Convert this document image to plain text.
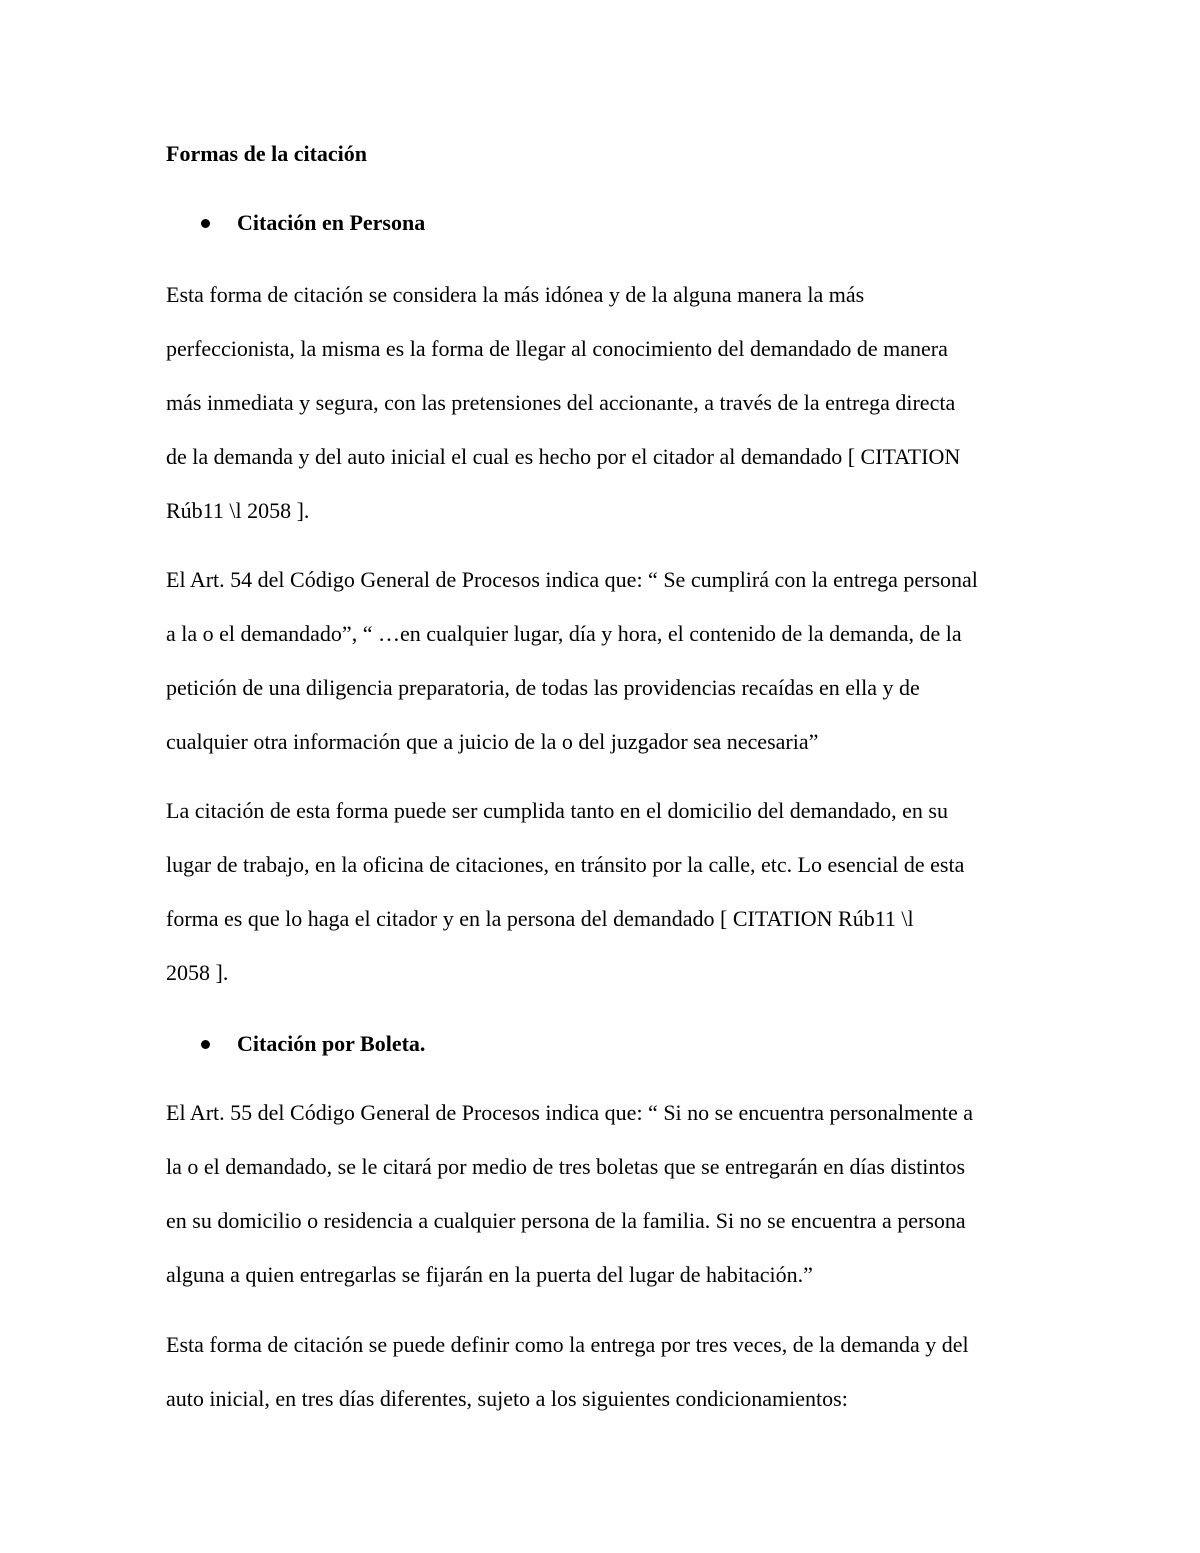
Formas de la citación
Citación en Persona
Esta forma de citación se considera la más idónea y de la alguna manera la más
perfeccionista, la misma es la forma de llegar al conocimiento del demandado de manera
más inmediata y segura, con las pretensiones del accionante, a través de la entrega directa
de la demanda y del auto inicial el cual es hecho por el citador al demandado [ CITATION
Rúb11 \l 2058 ].
El Art. 54 del Código General de Procesos indica que: “ Se cumplirá con la entrega personal
a la o el demandado”, “ …en cualquier lugar, día y hora, el contenido de la demanda, de la
petición de una diligencia preparatoria, de todas las providencias recaídas en ella y de
cualquier otra información que a juicio de la o del juzgador sea necesaria”
La citación de esta forma puede ser cumplida tanto en el domicilio del demandado, en su
lugar de trabajo, en la oficina de citaciones, en tránsito por la calle, etc. Lo esencial de esta
forma es que lo haga el citador y en la persona del demandado [ CITATION Rúb11 \l
2058 ].
Citación por Boleta.
El Art. 55 del Código General de Procesos indica que: “ Si no se encuentra personalmente a
la o el demandado, se le citará por medio de tres boletas que se entregarán en días distintos
en su domicilio o residencia a cualquier persona de la familia. Si no se encuentra a persona
alguna a quien entregarlas se fijarán en la puerta del lugar de habitación.”
Esta forma de citación se puede definir como la entrega por tres veces, de la demanda y del
auto inicial, en tres días diferentes, sujeto a los siguientes condicionamientos:
